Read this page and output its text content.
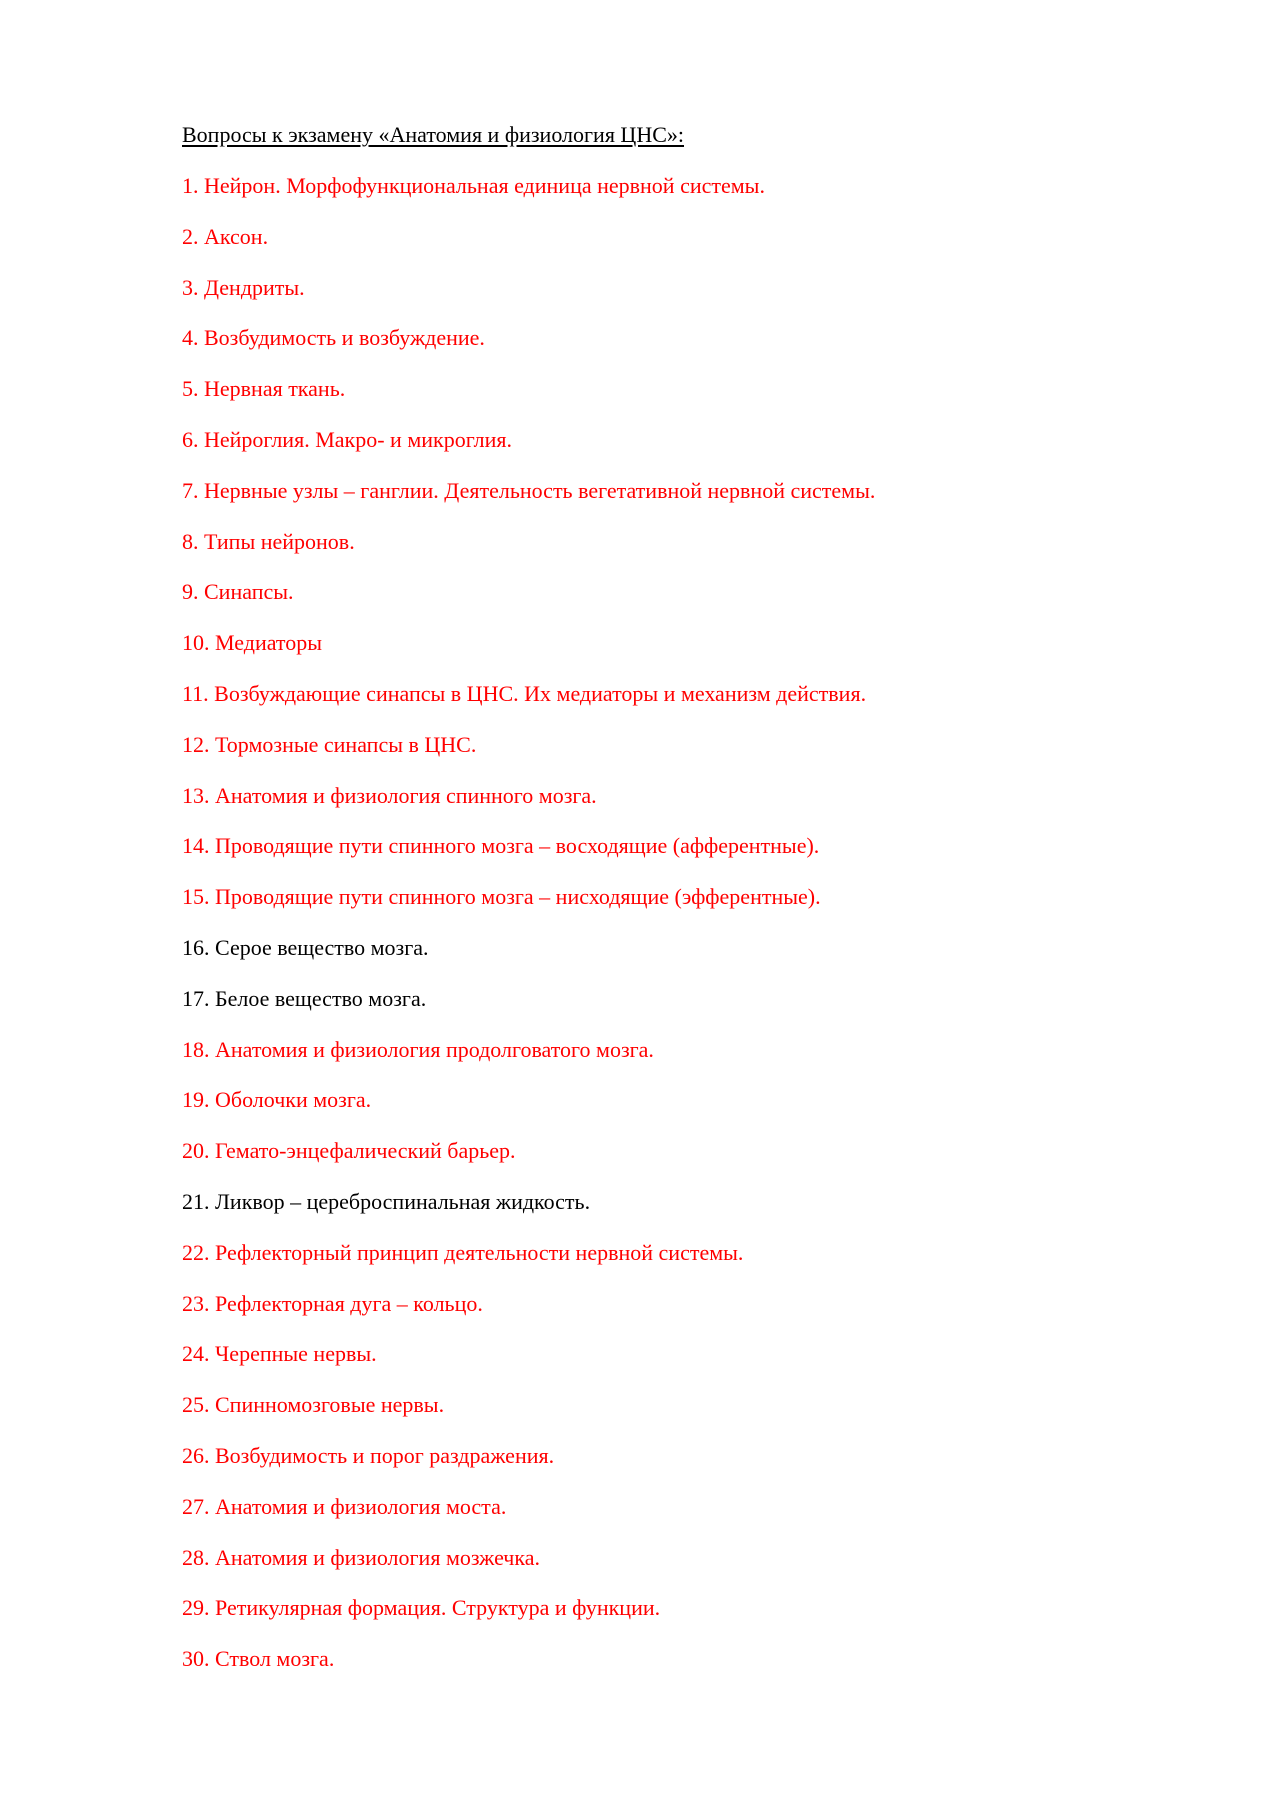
Вопросы к экзамену «Анатомия и физиология ЦНС»:
1. Нейрон. Морфофункциональная единица нервной системы.
2. Аксон.
3. Дендриты.
4. Возбудимость и возбуждение.
5. Нервная ткань.
6. Нейроглия. Макро- и микроглия.
7. Нервные узлы – ганглии. Деятельность вегетативной нервной системы.
8. Типы нейронов.
9. Синапсы.
10. Медиаторы
11. Возбуждающие синапсы в ЦНС. Их медиаторы и механизм действия.
12. Тормозные синапсы в ЦНС.
13. Анатомия и физиология спинного мозга.
14. Проводящие пути спинного мозга – восходящие (афферентные).
15. Проводящие пути спинного мозга – нисходящие (эфферентные).
16. Серое вещество мозга.
17. Белое вещество мозга.
18. Анатомия и физиология продолговатого мозга.
19. Оболочки мозга.
20. Гемато-энцефалический барьер.
21. Ликвор – цереброспинальная жидкость.
22. Рефлекторный принцип деятельности нервной системы.
23. Рефлекторная дуга – кольцо.
24. Черепные нервы.
25. Спинномозговые нервы.
26. Возбудимость и порог раздражения.
27. Анатомия и физиология моста.
28. Анатомия и физиология мозжечка.
29. Ретикулярная формация. Структура и функции.
30. Ствол мозга.
